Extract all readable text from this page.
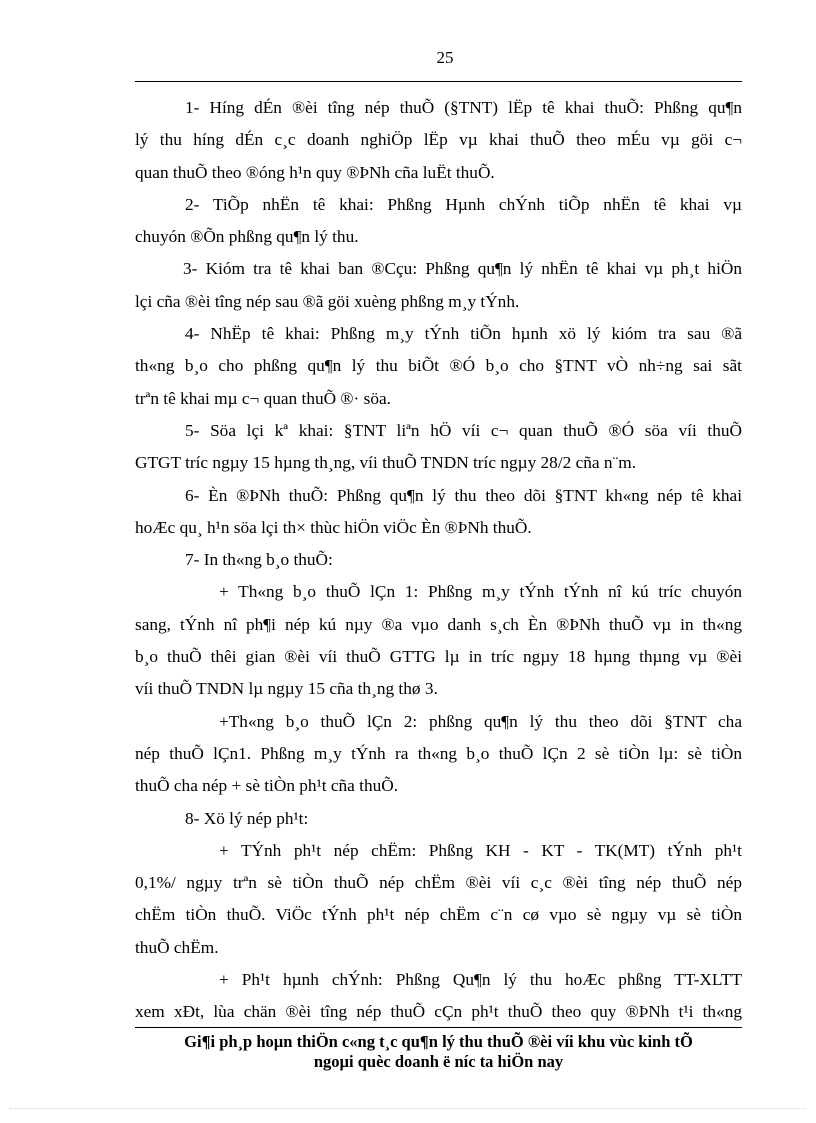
25
1- Híng dÉn ®èi tîng nép thuÕ (§TNT) lËp tê khai thuÕ: Phßng qu¶n
lý thu híng dÉn c¸c doanh nghiÖp lËp vµ khai thuÕ theo mÉu vµ göi c¬
quan thuÕ theo ®óng h¹n quy ®ÞNh cña luËt thuÕ.
2- TiÕp nhËn tê khai: Phßng Hµnh chÝnh tiÕp nhËn tê khai vµ
chuyón ®Õn phßng qu¶n lý thu.
3- Kióm tra tê khai ban ®Cçu: Phßng qu¶n lý nhËn tê khai vµ ph¸t hiÖn
lçi cña ®èi tîng nép sau ®ã göi xuèng phßng m¸y tÝnh.
4- NhËp tê khai: Phßng m¸y tÝnh tiÕn hµnh xö lý kióm tra sau ®ã
th«ng b¸o cho phßng qu¶n lý thu biÕt ®Ó b¸o cho §TNT vÒ nh÷ng sai sãt
trªn tê khai mµ c¬ quan thuÕ ®· söa.
5- Söa lçi kª khai: §TNT liªn hÖ víi c¬ quan thuÕ ®Ó söa víi thuÕ
GTGT tríc ngµy 15 hµng th¸ng, víi thuÕ TNDN tríc ngµy 28/2 cña n¨m.
6- Èn ®ÞNh thuÕ: Phßng qu¶n lý thu theo dõi §TNT kh«ng nép tê khai
hoÆc qu¸ h¹n söa lçi th× thùc hiÖn viÖc Èn ®ÞNh thuÕ.
7- In th«ng b¸o thuÕ:
+ Th«ng b¸o thuÕ lÇn 1: Phßng m¸y tÝnh tÝnh nî kú tríc chuyón
sang, tÝnh nî ph¶i nép kú nµy ®a vµo danh s¸ch Èn ®ÞNh thuÕ vµ in th«ng
b¸o thuÕ thêi gian ®èi víi thuÕ GTTG lµ in tríc ngµy 18 hµng thµng vµ ®èi
víi thuÕ TNDN lµ ngµy 15 cña th¸ng thø 3.
+Th«ng b¸o thuÕ lÇn 2: phßng qu¶n lý thu theo dõi §TNT cha
nép thuÕ lÇn1. Phßng m¸y tÝnh ra th«ng b¸o thuÕ lÇn 2 sè tiÒn lµ: sè tiÒn
thuÕ cha nép + sè tiÒn ph¹t cña thuÕ.
8- Xö lý nép ph¹t:
+ TÝnh ph¹t nép chËm: Phßng KH - KT - TK(MT) tÝnh ph¹t
0,1%/ ngµy trªn sè tiÒn thuÕ nép chËm ®èi víi c¸c ®èi tîng nép thuÕ nép
chËm tiÒn thuÕ. ViÖc tÝnh ph¹t nép chËm c¨n cø vµo sè ngµy vµ sè tiÒn
thuÕ chËm.
+ Ph¹t hµnh chÝnh: Phßng Qu¶n lý thu hoÆc phßng TT-XLTT
xem xÐt, lùa chän ®èi tîng nép thuÕ cÇn ph¹t thuÕ theo quy ®ÞNh t¹i th«ng
Gi¶i ph¸p hoµn thiÖn c«ng t¸c qu¶n lý thu thuÕ ®èi víi khu vùc kinh tÕ
ngoµi quèc doanh ë níc ta hiÖn nay
